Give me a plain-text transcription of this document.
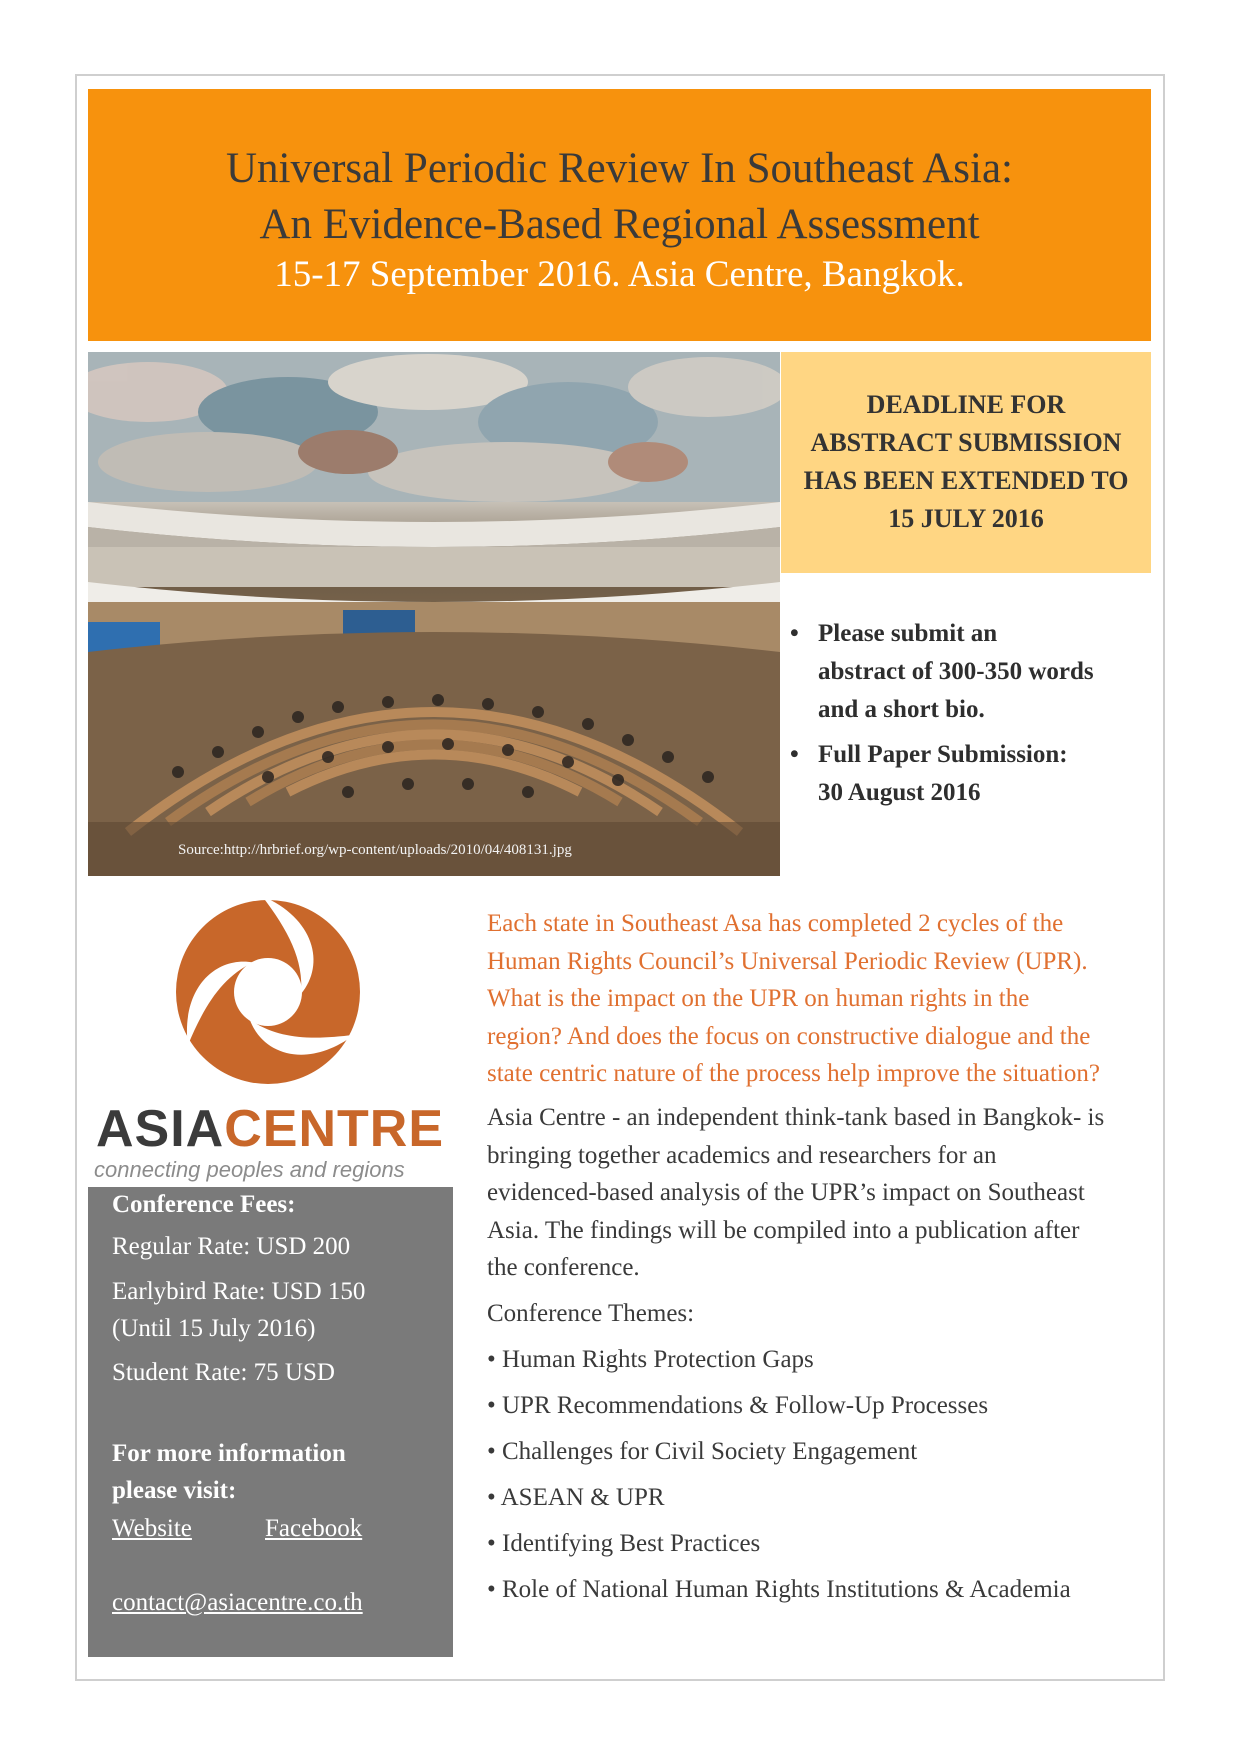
Universal Periodic Review In Southeast Asia:
An Evidence-Based Regional Assessment
15-17 September 2016. Asia Centre, Bangkok.
Source:http://hrbrief.org/wp-content/uploads/2010/04/408131.jpg
DEADLINE FOR
ABSTRACT SUBMISSION
HAS BEEN EXTENDED TO
15 JULY 2016
• Please submit an
abstract of 300-350 words
and a short bio.
• Full Paper Submission:
30 August 2016
ASIACENTRE
connecting peoples and regions
Conference Fees:
Regular Rate: USD 200
Earlybird Rate: USD 150
(Until 15 July 2016)
Student Rate: 75 USD
For more information
please visit:
Website	Facebook
contact@asiacentre.co.th
Each state in Southeast Asa has completed 2 cycles of the
Human Rights Council’s Universal Periodic Review (UPR).
What is the impact on the UPR on human rights in the
region? And does the focus on constructive dialogue and the
state centric nature of the process help improve the situation?
Asia Centre - an independent think-tank based in Bangkok- is
bringing together academics and researchers for an
evidenced-based analysis of the UPR’s impact on Southeast
Asia. The findings will be compiled into a publication after
the conference.
Conference Themes:
• Human Rights Protection Gaps
• UPR Recommendations & Follow-Up Processes
• Challenges for Civil Society Engagement
• ASEAN & UPR
• Identifying Best Practices
• Role of National Human Rights Institutions & Academia
